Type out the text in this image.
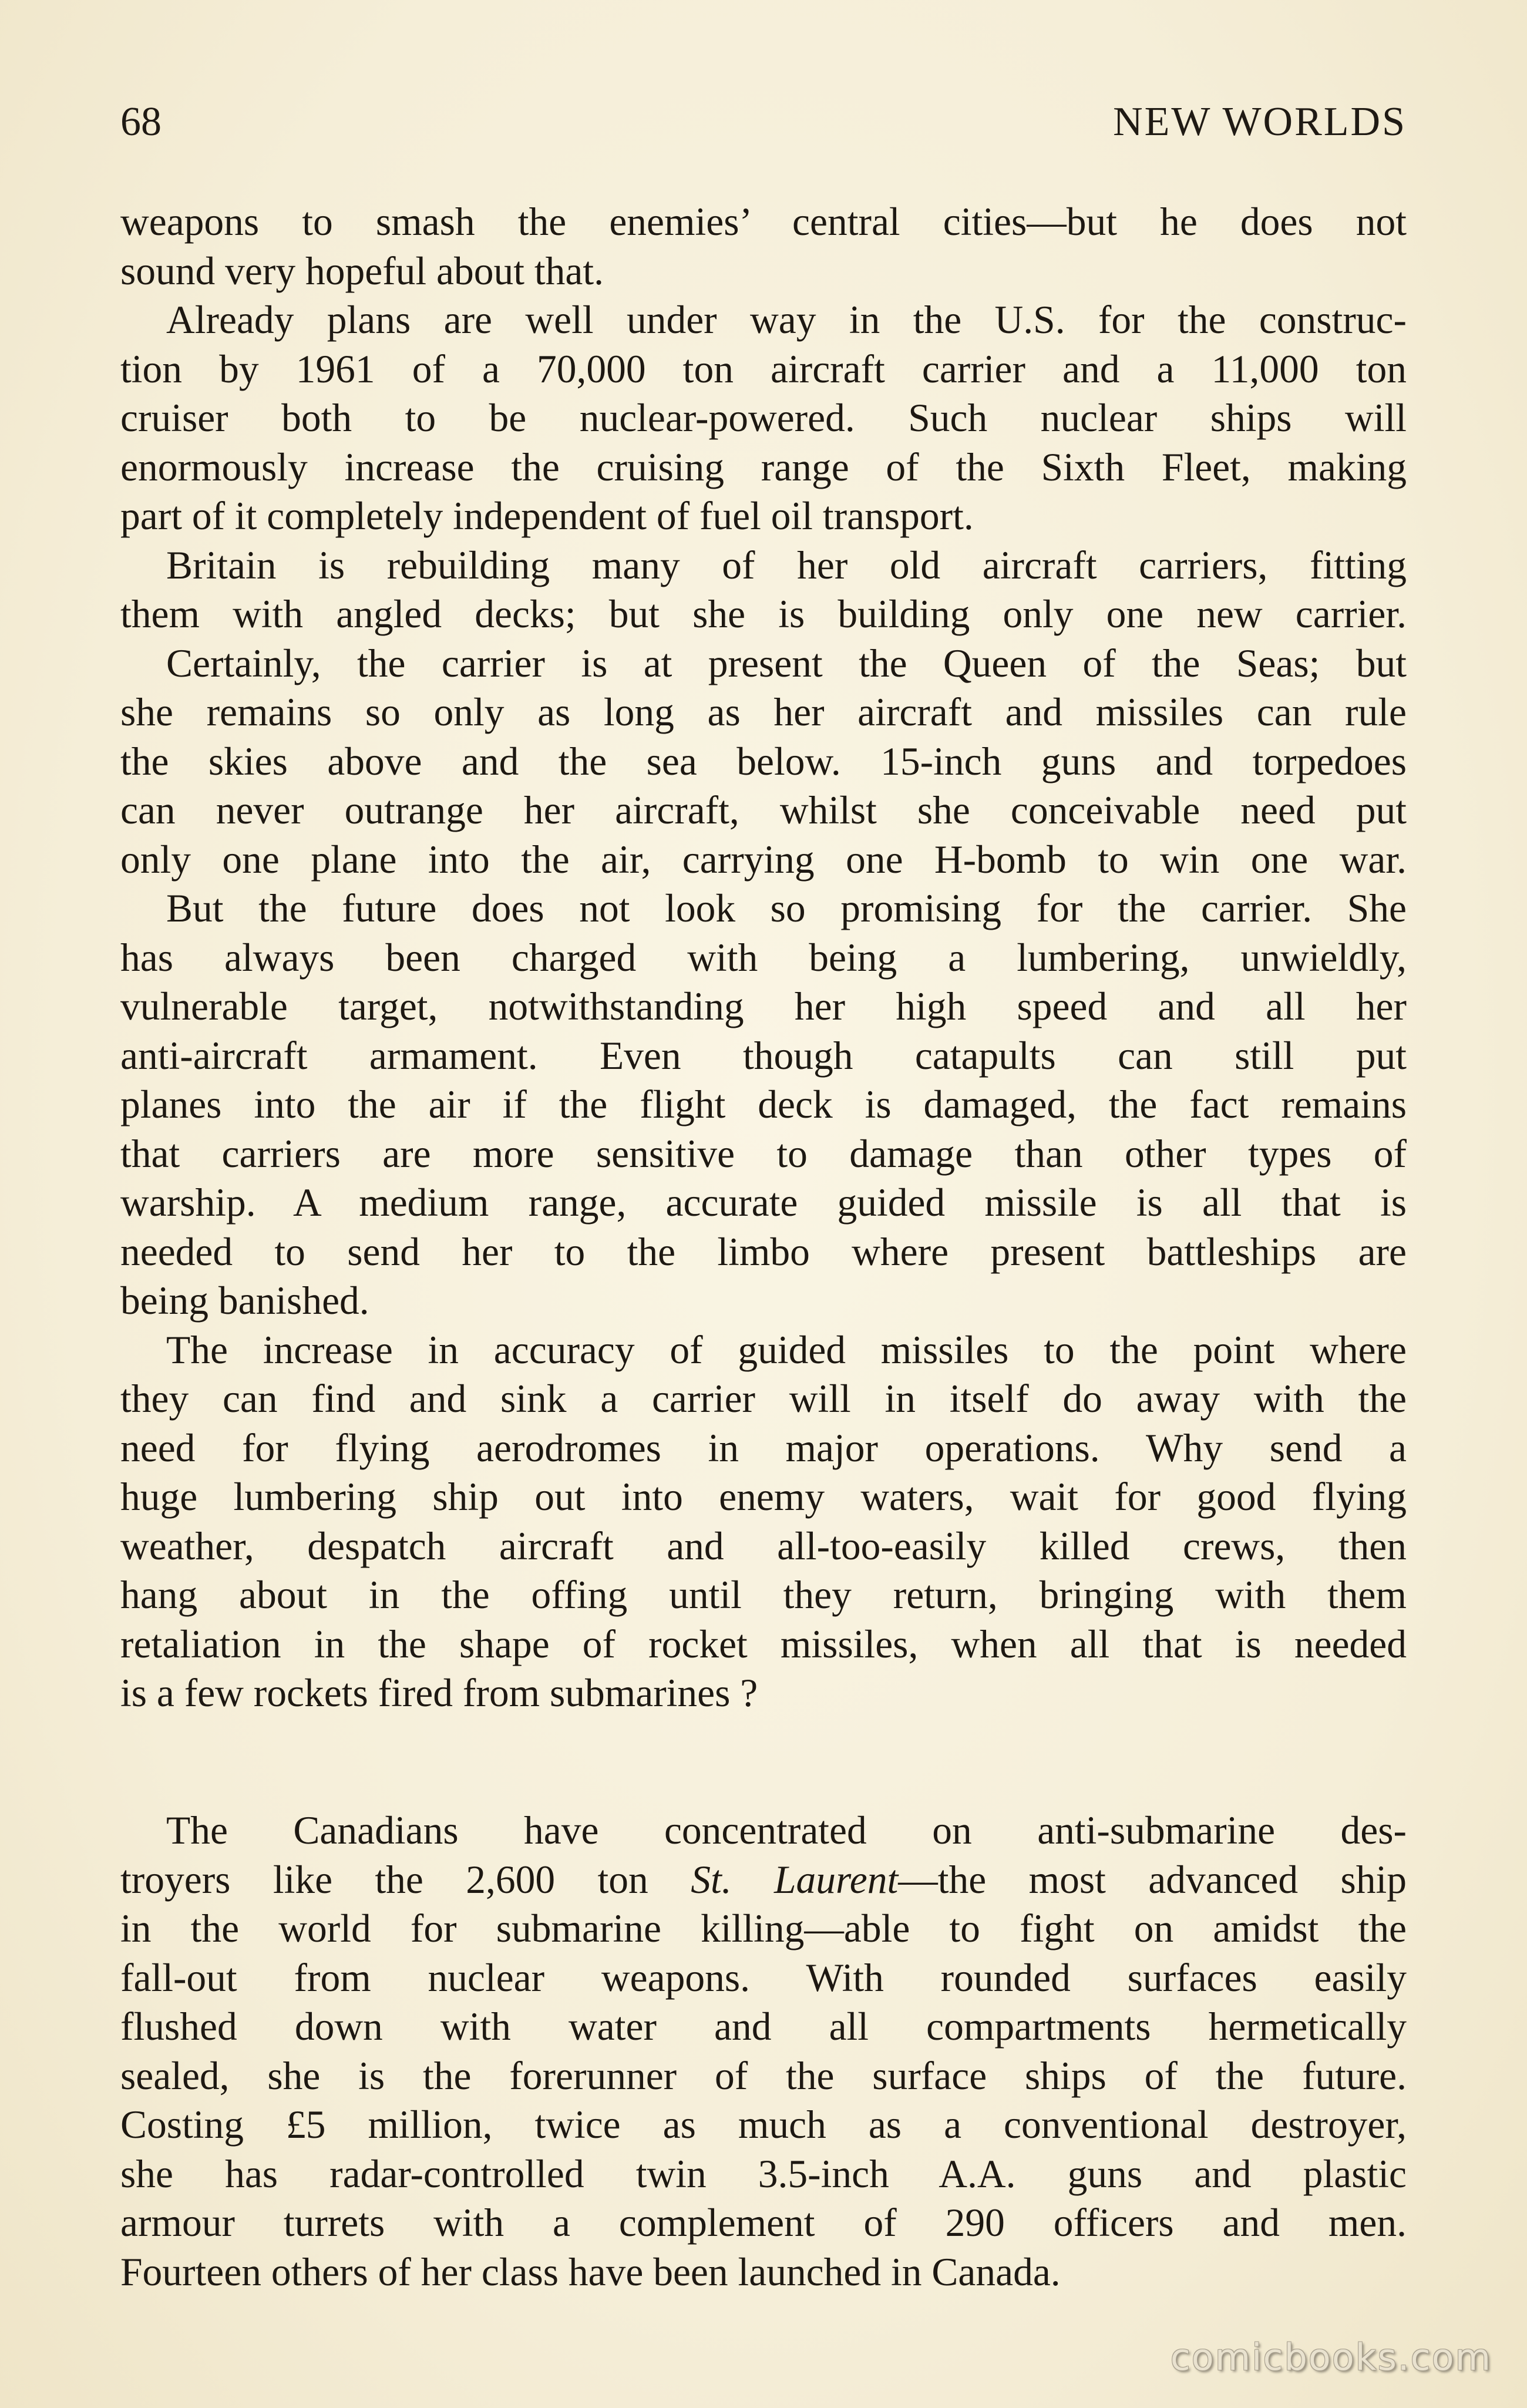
68	NEW WORLDS
weapons to smash the enemies’ central cities—but he does not
sound very hopeful about that.
Already plans are well under way in the U.S. for the construc-
tion by 1961 of a 70,000 ton aircraft carrier and a 11,000 ton
cruiser both to be nuclear-powered. Such nuclear ships will
enormously increase the cruising range of the Sixth Fleet, making
part of it completely independent of fuel oil transport.
Britain is rebuilding many of her old aircraft carriers, fitting
them with angled decks; but she is building only one new carrier.
Certainly, the carrier is at present the Queen of the Seas; but
she remains so only as long as her aircraft and missiles can rule
the skies above and the sea below. 15-inch guns and torpedoes
can never outrange her aircraft, whilst she conceivable need put
only one plane into the air, carrying one H-bomb to win one war.
But the future does not look so promising for the carrier. She
has always been charged with being a lumbering, unwieldly,
vulnerable target, notwithstanding her high speed and all her
anti-aircraft armament. Even though catapults can still put
planes into the air if the flight deck is damaged, the fact remains
that carriers are more sensitive to damage than other types of
warship. A medium range, accurate guided missile is all that is
needed to send her to the limbo where present battleships are
being banished.
The increase in accuracy of guided missiles to the point where
they can find and sink a carrier will in itself do away with the
need for flying aerodromes in major operations. Why send a
huge lumbering ship out into enemy waters, wait for good flying
weather, despatch aircraft and all-too-easily killed crews, then
hang about in the offing until they return, bringing with them
retaliation in the shape of rocket missiles, when all that is needed
is a few rockets fired from submarines ?
The Canadians have concentrated on anti-submarine des-
troyers like the 2,600 ton St. Laurent—the most advanced ship
in the world for submarine killing—able to fight on amidst the
fall-out from nuclear weapons. With rounded surfaces easily
flushed down with water and all compartments hermetically
sealed, she is the forerunner of the surface ships of the future.
Costing £5 million, twice as much as a conventional destroyer,
she has radar-controlled twin 3.5-inch A.A. guns and plastic
armour turrets with a complement of 290 officers and men.
Fourteen others of her class have been launched in Canada.
comicbooks.com
